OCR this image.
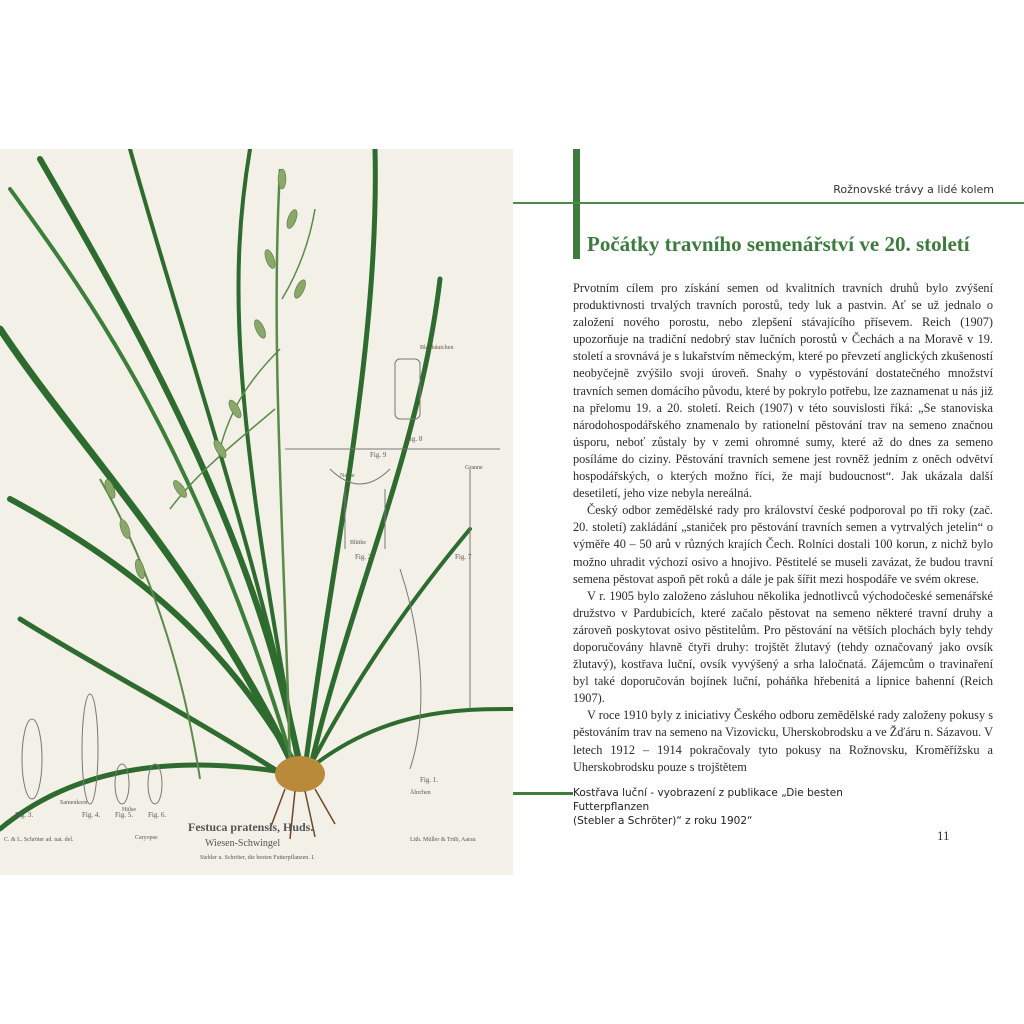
Fig. 8
Fig. 9
Fig. 2.	Fig. 7
Fig. 1.
Fig. 3.	Fig. 4. Fig. 5. Fig. 6.
Blüthe
Samenkorn
Hülse
Caryopse
Ährchen
Blatthäutchen
Granne
Narbe
Festuca pratensis, Huds.
Wiesen-Schwingel
Stebler u. Schröter, die besten Futterpflanzen. I.
C. & L. Schröter ad. nat. del.	Lith. Müller & Trüb, Aarau
Rožnovské trávy a lidé kolem
Počátky travního semenářství ve 20. století

Prvotním cílem pro získání semen od kvalitních travních druhů bylo zvýšení produktivnosti trvalých travních porostů, tedy luk a pastvin. Ať se už jednalo o založení nového porostu, nebo zlepšení stávajícího přísevem. Reich (1907) upozorňuje na tradiční nedobrý stav lučních porostů v Čechách a na Moravě v 19. století a srovnává je s lukařstvím německým, které po převzetí anglických zkušeností neobyčejně zvýšilo svoji úroveň. Snahy o vypěstování dostatečného množství travních semen domácího původu, které by pokrylo potřebu, lze zaznamenat u nás již na přelomu 19. a 20. století. Reich (1907) v této souvislosti říká: „Se stanoviska národohospodářského znamenalo by rationelní pěstování trav na semeno značnou úsporu, neboť zůstaly by v zemi ohromné sumy, které až do dnes za semeno posíláme do ciziny. Pěstování travních semene jest rovněž jedním z oněch odvětví hospodářských, o kterých možno říci, že mají budoucnost“. Jak ukázala další desetiletí, jeho vize nebyla nereálná.

Český odbor zemědělské rady pro království české podporoval po tři roky (zač. 20. století) zakládání „staniček pro pěstování travních semen a vytrvalých jetelin“ o výměře 40 – 50 arů v různých krajích Čech. Rolníci dostali 100 korun, z nichž bylo možno uhradit výchozí osivo a hnojivo. Pěstitelé se museli zavázat, že budou travní semena pěstovat aspoň pět roků a dále je pak šířit mezi hospodáře ve svém okrese.

V r. 1905 bylo založeno zásluhou několika jednotlivců východočeské semenářské družstvo v Pardubicích, které začalo pěstovat na semeno některé travní druhy a zároveň poskytovat osivo pěstitelům. Pro pěstování na větších plochách byly tehdy doporučovány hlavně čtyři druhy: trojštět žlutavý (tehdy označovaný jako ovsík žlutavý), kostřava luční, ovsík vyvýšený a srha laločnatá. Zájemcům o travinaření byl také doporučován bojínek luční, poháňka hřebenitá a lipnice bahenní (Reich 1907).

V roce 1910 byly z iniciativy Českého odboru zemědělské rady založeny pokusy s pěstováním trav na semeno na Vizovicku, Uherskobrodsku a ve Žďáru n. Sázavou. V letech 1912 – 1914 pokračovaly tyto pokusy na Rožnovsku, Kroměřížsku a Uherskobrodsku pouze s trojštětem

Kostřava luční - vyobrazení z publikace „Die besten Futterpflanzen
(Stebler a Schröter)“ z roku 1902“
11
